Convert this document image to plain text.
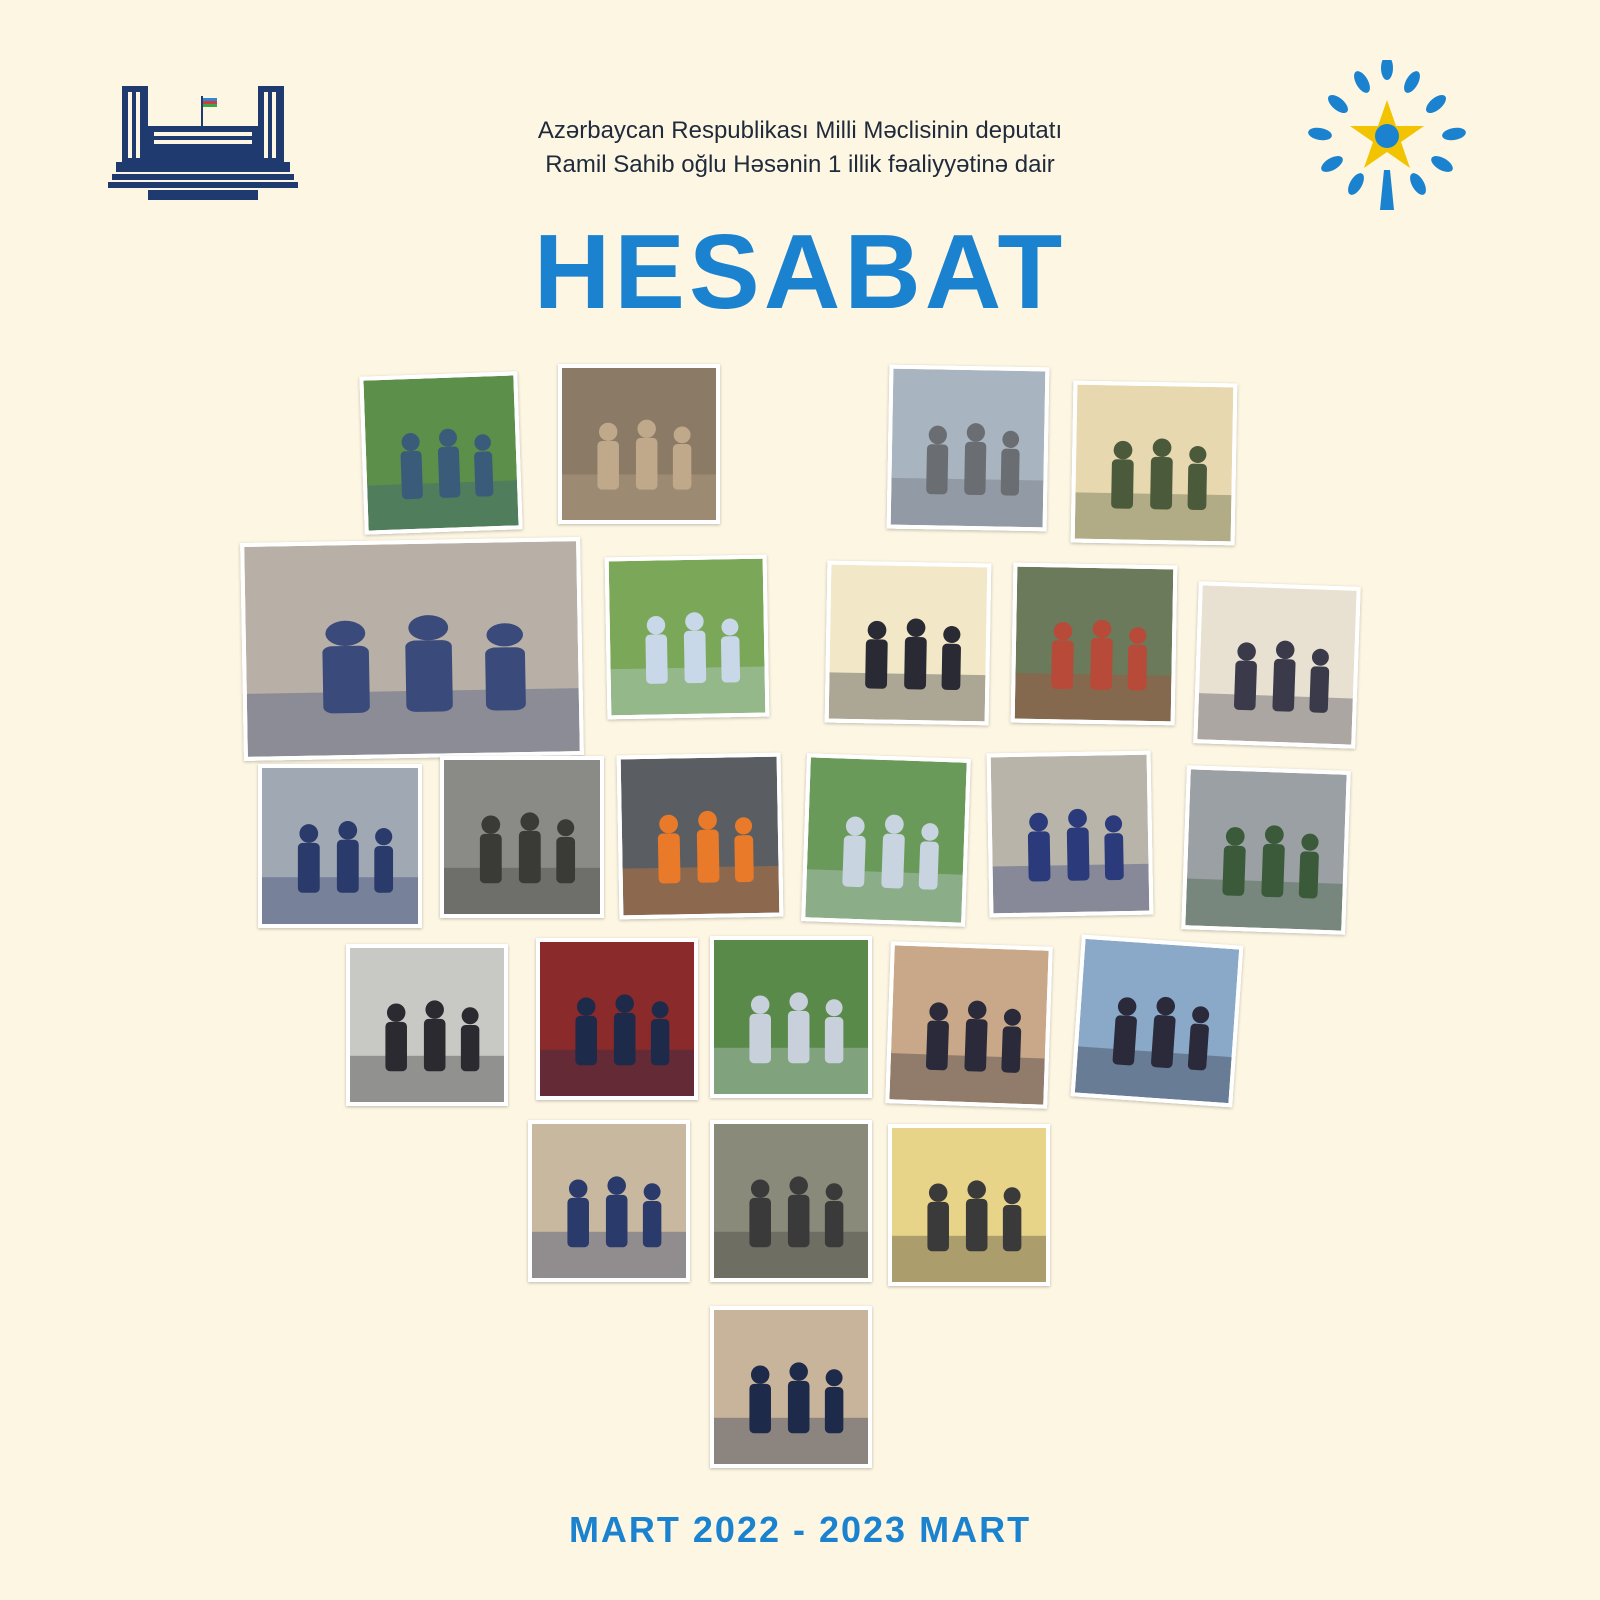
Azərbaycan Respublikası Milli Məclisinin deputatı
Ramil Sahib oğlu Həsənin 1 illik fəaliyyətinə dair
HESABAT
MART 2022 - 2023 MART
